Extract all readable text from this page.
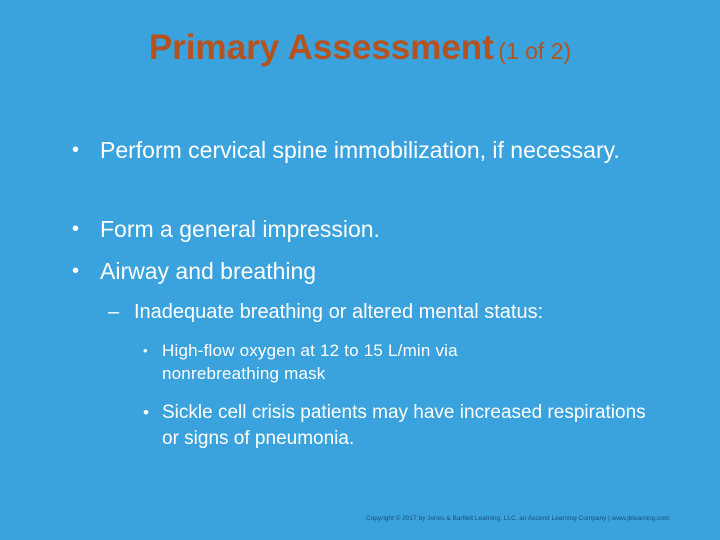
Primary Assessment (1 of 2)
• Perform cervical spine immobilization, if necessary.
• Form a general impression.
• Airway and breathing
– Inadequate breathing or altered mental status:
• High-flow oxygen at 12 to 15 L/min via nonrebreathing mask
• Sickle cell crisis patients may have increased respirations or signs of pneumonia.
Copyright © 2017 by Jones & Bartlett Learning, LLC, an Ascend Learning Company | www.jblearning.com
